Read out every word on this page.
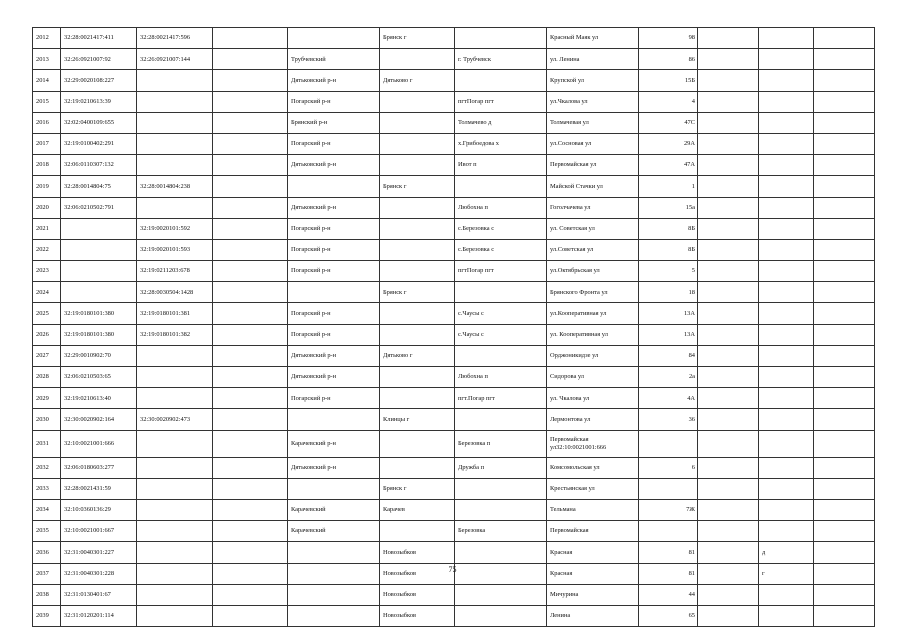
2012	32:28:0021417:411	32:28:0021417:596			Брянск г		Красный Маяк ул	98			
2013	32:26:0921007:92	32:26:0921007:144		Трубчевский		г. Трубчевск	ул. Ленина	86			
2014	32:29:0020108:227			Дятьковский р-н	Дятьково г		Крупской ул	15Б			
2015	32:19:0210613:39			Погарский р-н		пгтПогар пгт	ул.Чкалова ул	4			
2016	32:02:0400109:655			Брянский р-н		Толмачево д	Толмачевая ул	47С			
2017	32:19:0100402:291			Погарский р-н		х.Грибоедова х	ул.Сосновая ул	29А			
2018	32:06:0110307:132			Дятьковский р-н		Ивот п	Первомайская ул	47А			
2019	32:28:0014804:75	32:28:0014804:238			Брянск г		Майской Стачки ул	1			
2020	32:06:0210502:791			Дятьковский р-н		Любохна п	Гоголчачева ул	15а			
2021		32:19:0020101:592		Погарский р-н		с.Березовка с	ул. Советская ул	8Б			
2022		32:19:0020101:593		Погарский р-н		с.Березовка с	ул.Советская ул	8Б			
2023		32:19:0211203:678		Погарский р-н		пгтПогар пгт	ул.Октябрьская ул	5			
2024		32:28:0030504:1428			Брянск г		Брянского Фронта ул	18			
2025	32:19:0180101:380	32:19:0180101:381		Погарский р-н		с.Чаусы с	ул.Кооперативная ул	13А			
2026	32:19:0180101:380	32:19:0180101:382		Погарский р-н		с.Чаусы с	ул. Кооперативная ул	13А			
2027	32:29:0010902:70			Дятьковский р-н	Дятьково г		Орджоникидзе ул	84			
2028	32:06:0210503:65			Дятьковский р-н		Любохна п	Сидорова ул	2а			
2029	32:19:0210613:40			Погарский р-н		пгт.Погар пгт	ул. Чкалова ул	4А			
2030	32:30:0020902:164	32:30:0020902:473			Клинцы г		Лермонтова ул	36			
2031	32:10:0021001:666			Карачевский р-н		Березовка п	Первомайская ул32:10:0021001:666				
2032	32:06:0180603:277			Дятьковский р-н		Дружба п	Комсомольская ул	6			
2033	32:28:0021431:59				Брянск г		Крестьянская ул				
2034	32:10:0360136:29			Карачевский	Карачев		Тельмана	7Ж			
2035	32:10:0021001:667			Карачевский		Березовка	Первомайская				
2036	32:31:0040301:227				Новозыбков		Красная	81		д	
2037	32:31:0040301:228				Новозыбков		Красная	81		г	
2038	32:31:0130401:67				Новозыбков		Мичурина	44			
2039	32:31:0120201:114				Новозыбков		Ленина	65			
75
